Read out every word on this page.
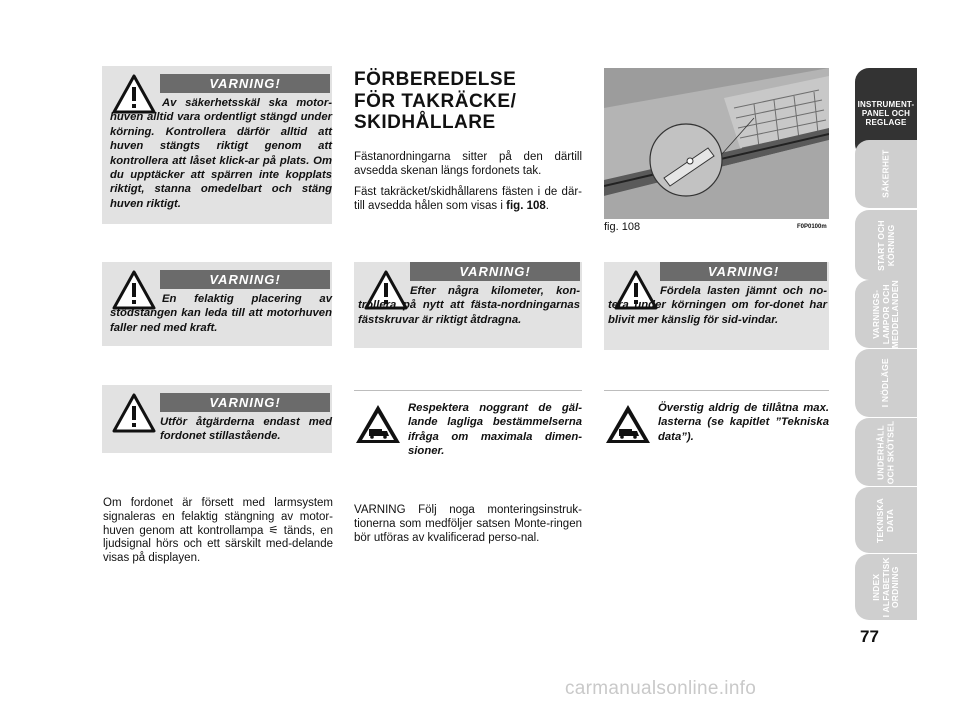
VARNING!
Av säkerhetsskäl ska motor-huven alltid vara ordentligt stängd under körning. Kontrollera därför alltid att huven stängts riktigt genom att kontrollera att låset klick-ar på plats. Om du upptäcker att spärren inte kopplats riktigt, stanna omedelbart och stäng huven riktigt.
VARNING!
En felaktig placering av stödstången kan leda till att motorhuven faller ned med kraft.
VARNING!
Utför åtgärderna endast med fordonet stillastående.
Om fordonet är försett med larmsystem signaleras en felaktig stängning av motor-huven genom att kontrollampa ⚟ tänds, en ljudsignal hörs och ett särskilt med-delande visas på displayen.
FÖRBEREDELSE
FÖR TAKRÄCKE/
SKIDHÅLLARE
Fästanordningarna sitter på den därtill avsedda skenan längs fordonets tak.
Fäst takräcket/skidhållarens fästen i de där-till avsedda hålen som visas i fig. 108.
VARNING!
Efter några kilometer, kon-trollera på nytt att fästa-nordningarnas fästskruvar är riktigt åtdragna.
Respektera noggrant de gäl-lande lagliga bestämmelserna ifråga om maximala dimen-sioner.
VARNING Följ noga monteringsinstruk-tionerna som medföljer satsen Monte-ringen bör utföras av kvalificerad perso-nal.
fig. 108	F0P0100m
VARNING!
Fördela lasten jämnt och no-tera under körningen om for-donet har blivit mer känslig för sid-vindar.
Överstig aldrig de tillåtna max. lasterna (se kapitlet ”Tekniska data”).
INSTRUMENT-
PANEL OCH
REGLAGE
SÄKERHET
START OCH
KÖRNING
VARNINGS-
LAMPOR OCH
MEDDELANDEN
I NÖDLÄGE
UNDERHÅLL
OCH SKÖTSEL
TEKNISKA
DATA
INDEX
I ALFABETISK
ORDNING
77
carmanualsonline.info
